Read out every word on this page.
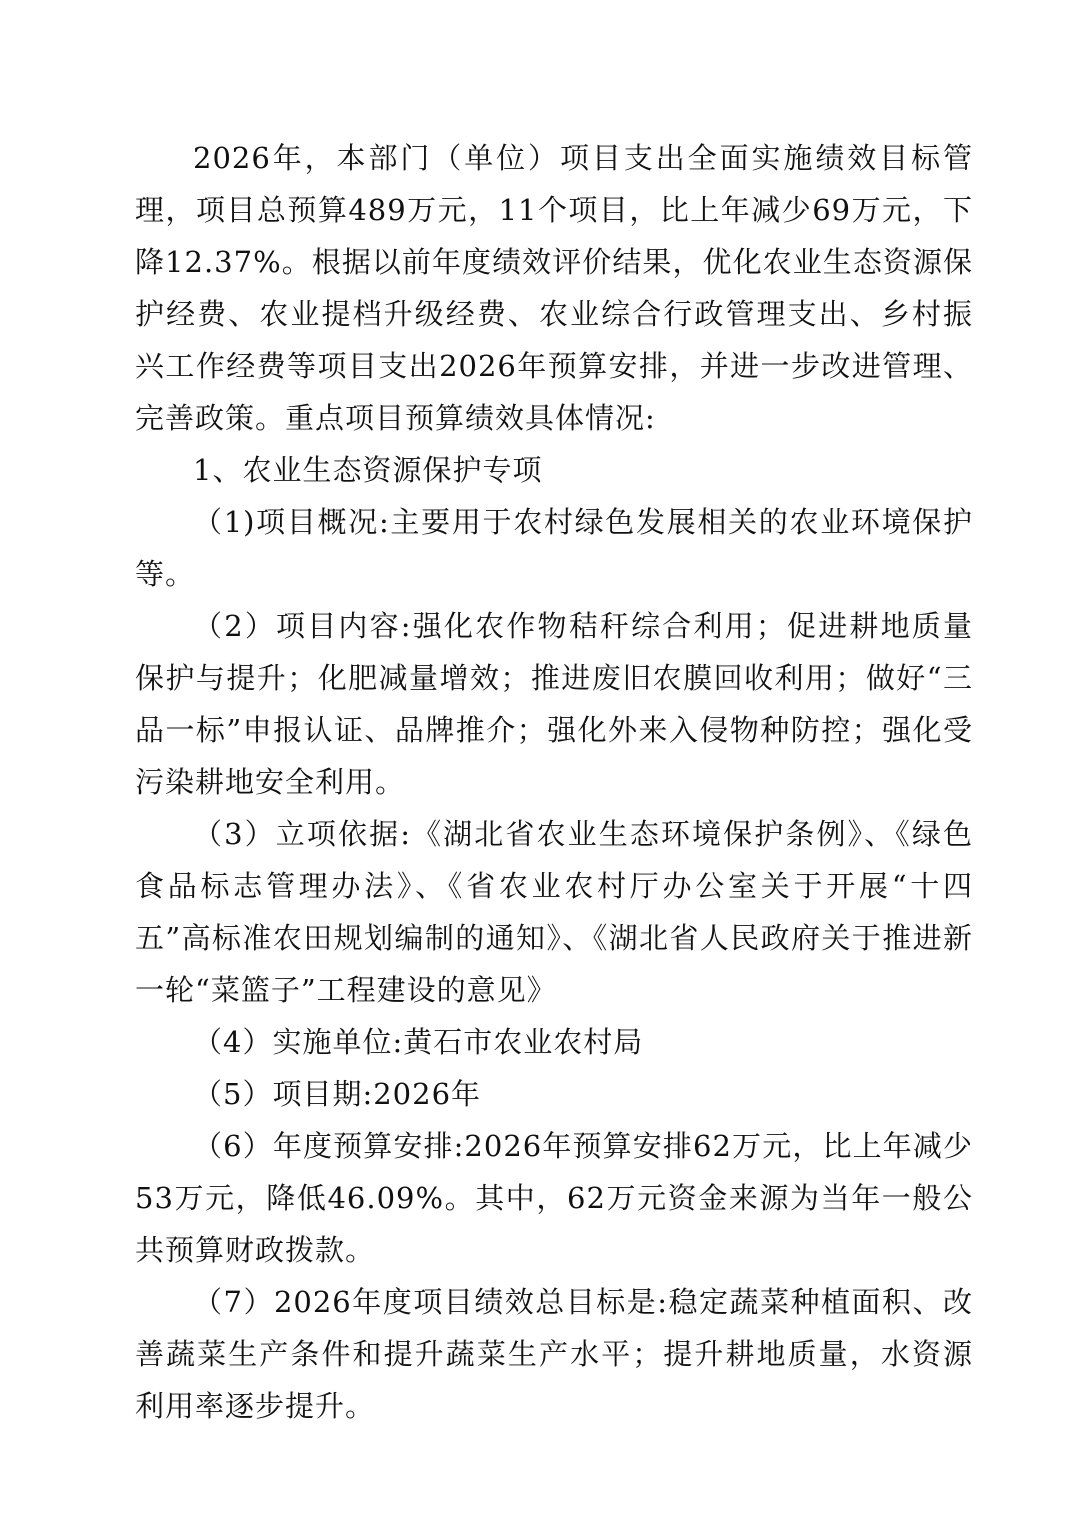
2026年，本部门（单位）项目支出全面实施绩效目标管理，项目总预算489万元，11个项目，比上年减少69万元，下降12.37%。根据以前年度绩效评价结果，优化农业生态资源保护经费、农业提档升级经费、农业综合行政管理支出、乡村振兴工作经费等项目支出2026年预算安排，并进一步改进管理、完善政策。重点项目预算绩效具体情况:

1、农业生态资源保护专项

（1)项目概况:主要用于农村绿色发展相关的农业环境保护等。

（2）项目内容:强化农作物秸秆综合利用；促进耕地质量保护与提升；化肥减量增效；推进废旧农膜回收利用；做好“三品一标”申报认证、品牌推介；强化外来入侵物种防控；强化受污染耕地安全利用。

（3）立项依据:《湖北省农业生态环境保护条例》、《绿色食品标志管理办法》、《省农业农村厅办公室关于开展“十四五”高标准农田规划编制的通知》、《湖北省人民政府关于推进新一轮“菜篮子”工程建设的意见》

（4）实施单位:黄石市农业农村局

（5）项目期:2026年

（6）年度预算安排:2026年预算安排62万元，比上年减少53万元，降低46.09%。其中，62万元资金来源为当年一般公共预算财政拨款。

（7）2026年度项目绩效总目标是:稳定蔬菜种植面积、改善蔬菜生产条件和提升蔬菜生产水平；提升耕地质量，水资源利用率逐步提升。
